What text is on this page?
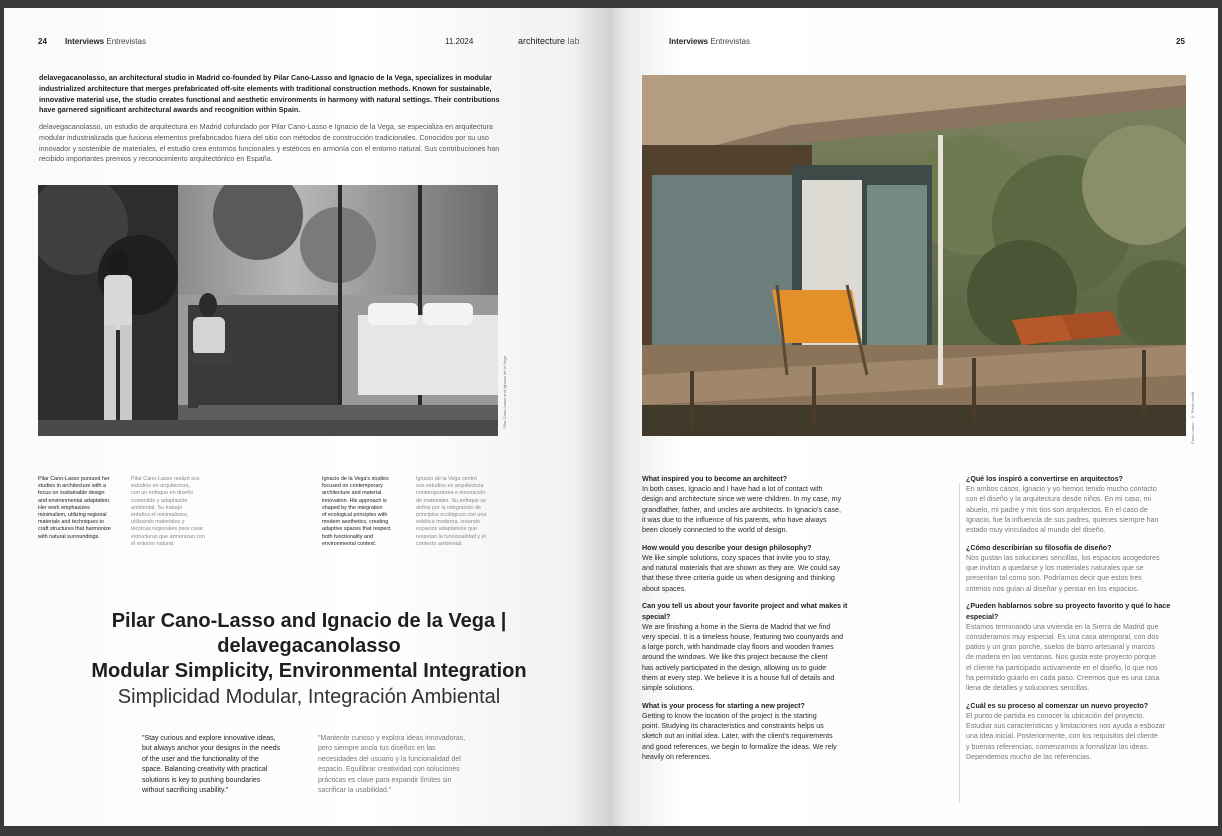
24 Interviews Entrevistas	11.2024	architecture lab

delavegacanolasso, an architectural studio in Madrid co-founded by Pilar Cano-Lasso and Ignacio de la Vega, specializes in modular industrialized architecture that merges prefabricated off-site elements with traditional construction methods. Known for sustainable, innovative material use, the studio creates functional and aesthetic environments in harmony with natural settings. Their contributions have garnered significant architectural awards and recognition within Spain.

delavegacanolasso, un estudio de arquitectura en Madrid cofundado por Pilar Cano-Lasso e Ignacio de la Vega, se especializa en arquitectura modular industrializada que fusiona elementos prefabricados fuera del sitio con métodos de construcción tradicionales. Conocidos por su uso innovador y sostenible de materiales, el estudio crea entornos funcionales y estéticos en armonía con el entorno natural. Sus contribuciones han recibido importantes premios y reconocimiento arquitectónico en España.

Pilar Cano-Lasso and Ignacio de la Vega
Pilar Cano-Lasso pursued her
studies in architecture with a
focus on sustainable design
and environmental adaptation.
Her work emphasizes
minimalism, utilizing regional
materials and techniques to
craft structures that harmonize
with natural surroundings.
Pilar Cano-Lasso realizó sus
estudios en arquitectura,
con un enfoque en diseño
sostenible y adaptación
ambiental. Su trabajo
enfatiza el minimalismo,
utilizando materiales y
técnicas regionales para crear
estructuras que armonizan con
el entorno natural.
Ignacio de la Vega's studies
focused on contemporary
architecture and material
innovation. His approach is
shaped by the integration
of ecological principles with
modern aesthetics, creating
adaptive spaces that respect
both functionality and
environmental context.
Ignacio de la Vega centró
sus estudios en arquitectura
contemporánea e innovación
de materiales. Su enfoque se
define por la integración de
principios ecológicos con una
estética moderna, creando
espacios adaptativos que
respetan la funcionalidad y el
contexto ambiental.
Pilar Cano-Lasso and Ignacio de la Vega |
delavegacanolasso
Modular Simplicity, Environmental Integration
Simplicidad Modular, Integración Ambiental
"Stay curious and explore innovative ideas,
but always anchor your designs in the needs
of the user and the functionality of the
space. Balancing creativity with practical
solutions is key to pushing boundaries
without sacrificing usability."
"Mantente curioso y explora ideas innovadoras,
pero siempre ancla tus diseños en las
necesidades del usuario y la funcionalidad del
espacio. Equilibrar creatividad con soluciones
prácticas es clave para expandir límites sin
sacrificar la usabilidad."
Interviews Entrevistas	25
Casa Lasso · © Photo credit
What inspired you to become an architect?
In both cases, Ignacio and I have had a lot of contact with
design and architecture since we were children. In my case, my
grandfather, father, and uncles are architects. In Ignacio's case,
it was due to the influence of his parents, who have always
been closely connected to the world of design.
How would you describe your design philosophy?
We like simple solutions, cozy spaces that invite you to stay,
and natural materials that are shown as they are. We could say
that these three criteria guide us when designing and thinking
about spaces.
Can you tell us about your favorite project and what makes it
special?
We are finishing a home in the Sierra de Madrid that we find
very special. It is a timeless house, featuring two courtyards and
a large porch, with handmade clay floors and wooden frames
around the windows. We like this project because the client
has actively participated in the design, allowing us to guide
them at every step. We believe it is a house full of details and
simple solutions.
What is your process for starting a new project?
Getting to know the location of the project is the starting
point. Studying its characteristics and constraints helps us
sketch out an initial idea. Later, with the client's requirements
and good references, we begin to formalize the ideas. We rely
heavily on references.
¿Qué los inspiró a convertirse en arquitectos?
En ambos casos, Ignacio y yo hemos tenido mucho contacto
con el diseño y la arquitectura desde niños. En mi caso, mi
abuelo, mi padre y mis tíos son arquitectos. En el caso de
Ignacio, fue la influencia de sus padres, quienes siempre han
estado muy vinculados al mundo del diseño.
¿Cómo describirían su filosofía de diseño?
Nos gustan las soluciones sencillas, los espacios acogedores
que invitan a quedarse y los materiales naturales que se
presentan tal como son. Podríamos decir que estos tres
criterios nos guían al diseñar y pensar en los espacios.
¿Pueden hablarnos sobre su proyecto favorito y qué lo hace
especial?
Estamos terminando una vivienda en la Sierra de Madrid que
consideramos muy especial. Es una casa atemporal, con dos
patios y un gran porche, suelos de barro artesanal y marcos
de madera en las ventanas. Nos gusta este proyecto porque
el cliente ha participado activamente en el diseño, lo que nos
ha permitido guiarlo en cada paso. Creemos que es una casa
llena de detalles y soluciones sencillas.
¿Cuál es su proceso al comenzar un nuevo proyecto?
El punto de partida es conocer la ubicación del proyecto.
Estudiar sus características y limitaciones nos ayuda a esbozar
una idea inicial. Posteriormente, con los requisitos del cliente
y buenas referencias, comenzamos a formalizar las ideas.
Dependemos mucho de las referencias.
